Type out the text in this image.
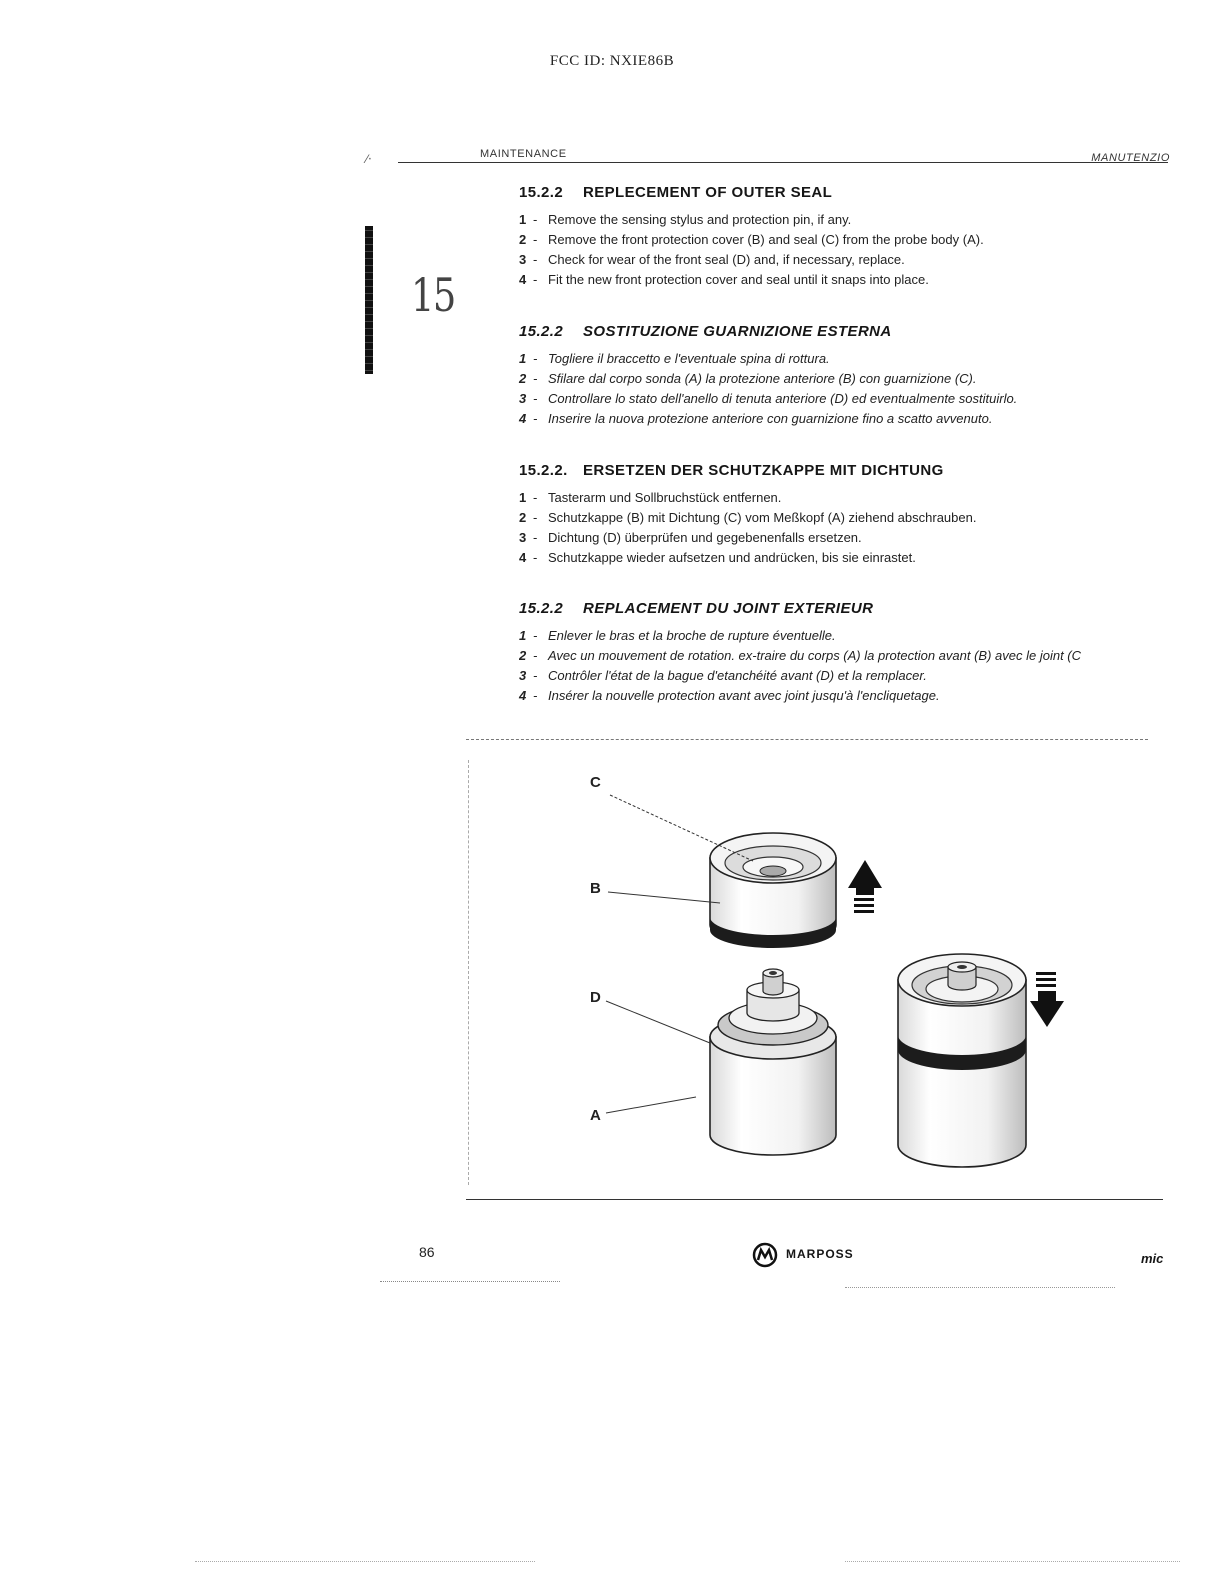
FCC ID: NXIE86B
⁄‧	MAINTENANCE	MANUTENZIO
15
15.2.2 REPLECEMENT OF OUTER SEAL
1 - Remove the sensing stylus and protection pin, if any.
2 - Remove the front protection cover (B) and seal (C) from the probe body (A).
3 - Check for wear of the front seal (D) and, if necessary, replace.
4 - Fit the new front protection cover and seal until it snaps into place.
15.2.2 SOSTITUZIONE GUARNIZIONE ESTERNA
1 - Togliere il braccetto e l'eventuale spina di rottura.
2 - Sfilare dal corpo sonda (A) la protezione anteriore (B) con guarnizione (C).
3 - Controllare lo stato dell'anello di tenuta anteriore (D) ed eventualmente sostituirlo.
4 - Inserire la nuova protezione anteriore con guarnizione fino a scatto avvenuto.
15.2.2. ERSETZEN DER SCHUTZKAPPE MIT DICHTUNG
1 - Tasterarm und Sollbruchstück entfernen.
2 - Schutzkappe (B) mit Dichtung (C) vom Meßkopf (A) ziehend abschrauben.
3 - Dichtung (D) überprüfen und gegebenenfalls ersetzen.
4 - Schutzkappe wieder aufsetzen und andrücken, bis sie einrastet.
15.2.2 REPLACEMENT DU JOINT EXTERIEUR
1 - Enlever le bras et la broche de rupture éventuelle.
2 - Avec un mouvement de rotation. ex-traire du corps (A) la protection avant (B) avec le joint (C
3 - Contrôler l'état de la bague d'etanchéité avant (D) et la remplacer.
4 - Insérer la nouvelle protection avant avec joint jusqu'à l'encliquetage.
C
B
D
A
86	MARPOSS	mic
